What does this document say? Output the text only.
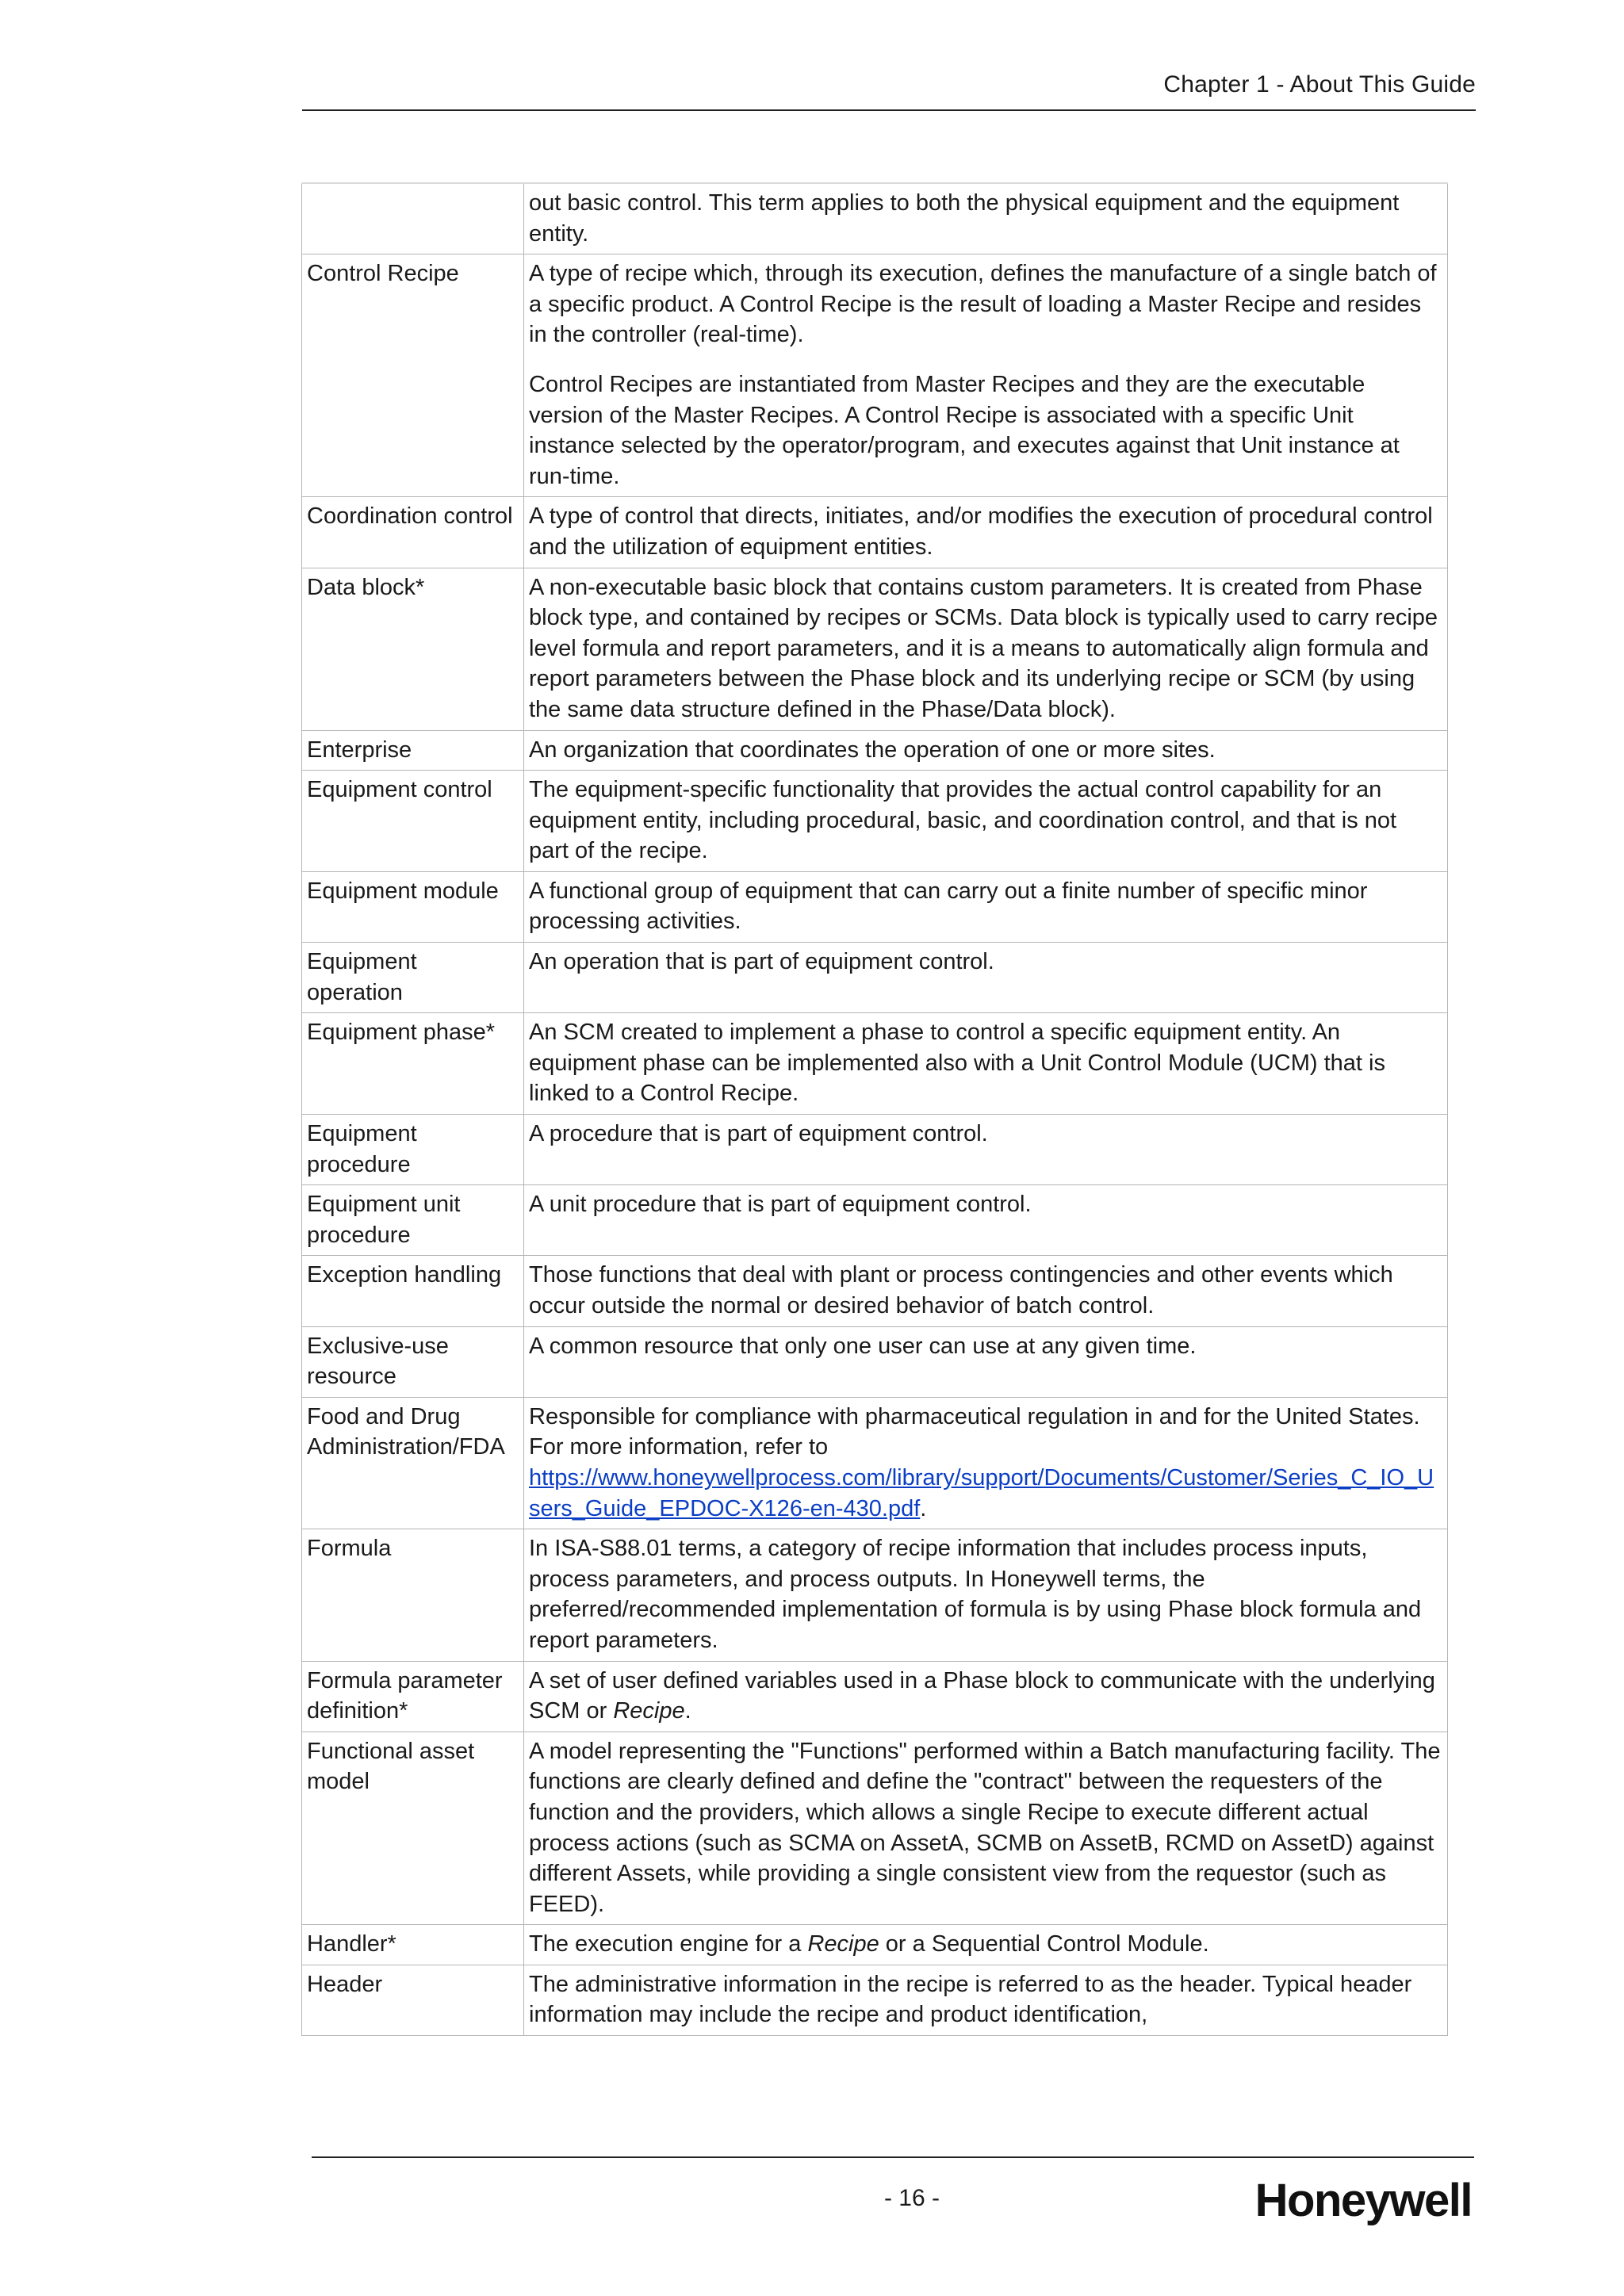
Chapter 1 - About This Guide

	out basic control. This term applies to both the physical equipment and the equipment entity.

Control Recipe	A type of recipe which, through its execution, defines the manufacture of a single batch of a specific product. A Control Recipe is the result of loading a Master Recipe and resides in the controller (real-time).

Control Recipes are instantiated from Master Recipes and they are the executable version of the Master Recipes. A Control Recipe is associated with a specific Unit instance selected by the operator/program, and executes against that Unit instance at run-time.

Coordination control	A type of control that directs, initiates, and/or modifies the execution of procedural control and the utilization of equipment entities.

Data block*	A non-executable basic block that contains custom parameters. It is created from Phase block type, and contained by recipes or SCMs. Data block is typically used to carry recipe level formula and report parameters, and it is a means to automatically align formula and report parameters between the Phase block and its underlying recipe or SCM (by using the same data structure defined in the Phase/Data block).

Enterprise	An organization that coordinates the operation of one or more sites.

Equipment control	The equipment-specific functionality that provides the actual control capability for an equipment entity, including procedural, basic, and coordination control, and that is not part of the recipe.

Equipment module	A functional group of equipment that can carry out a finite number of specific minor processing activities.

Equipment operation	An operation that is part of equipment control.

Equipment phase*	An SCM created to implement a phase to control a specific equipment entity. An equipment phase can be implemented also with a Unit Control Module (UCM) that is linked to a Control Recipe.

Equipment procedure	A procedure that is part of equipment control.

Equipment unit procedure	A unit procedure that is part of equipment control.

Exception handling	Those functions that deal with plant or process contingencies and other events which occur outside the normal or desired behavior of batch control.

Exclusive-use resource	A common resource that only one user can use at any given time.

Food and Drug Administration/FDA	Responsible for compliance with pharmaceutical regulation in and for the United States. For more information, refer to

https://www.honeywellprocess.com/library/support/Documents/Customer/Series_C_IO_Users_Guide_EPDOC-X126-en-430.pdf.

Formula	In ISA-S88.01 terms, a category of recipe information that includes process inputs, process parameters, and process outputs. In Honeywell terms, the preferred/recommended implementation of formula is by using Phase block formula and report parameters.

Formula parameter definition*	A set of user defined variables used in a Phase block to communicate with the underlying SCM or Recipe.

Functional asset model	A model representing the "Functions" performed within a Batch manufacturing facility. The functions are clearly defined and define the "contract" between the requesters of the function and the providers, which allows a single Recipe to execute different actual process actions (such as SCMA on AssetA, SCMB on AssetB, RCMD on AssetD) against different Assets, while providing a single consistent view from the requestor (such as FEED).

Handler*	The execution engine for a Recipe or a Sequential Control Module.

Header	The administrative information in the recipe is referred to as the header. Typical header information may include the recipe and product identification,

- 16 -	Honeywell
